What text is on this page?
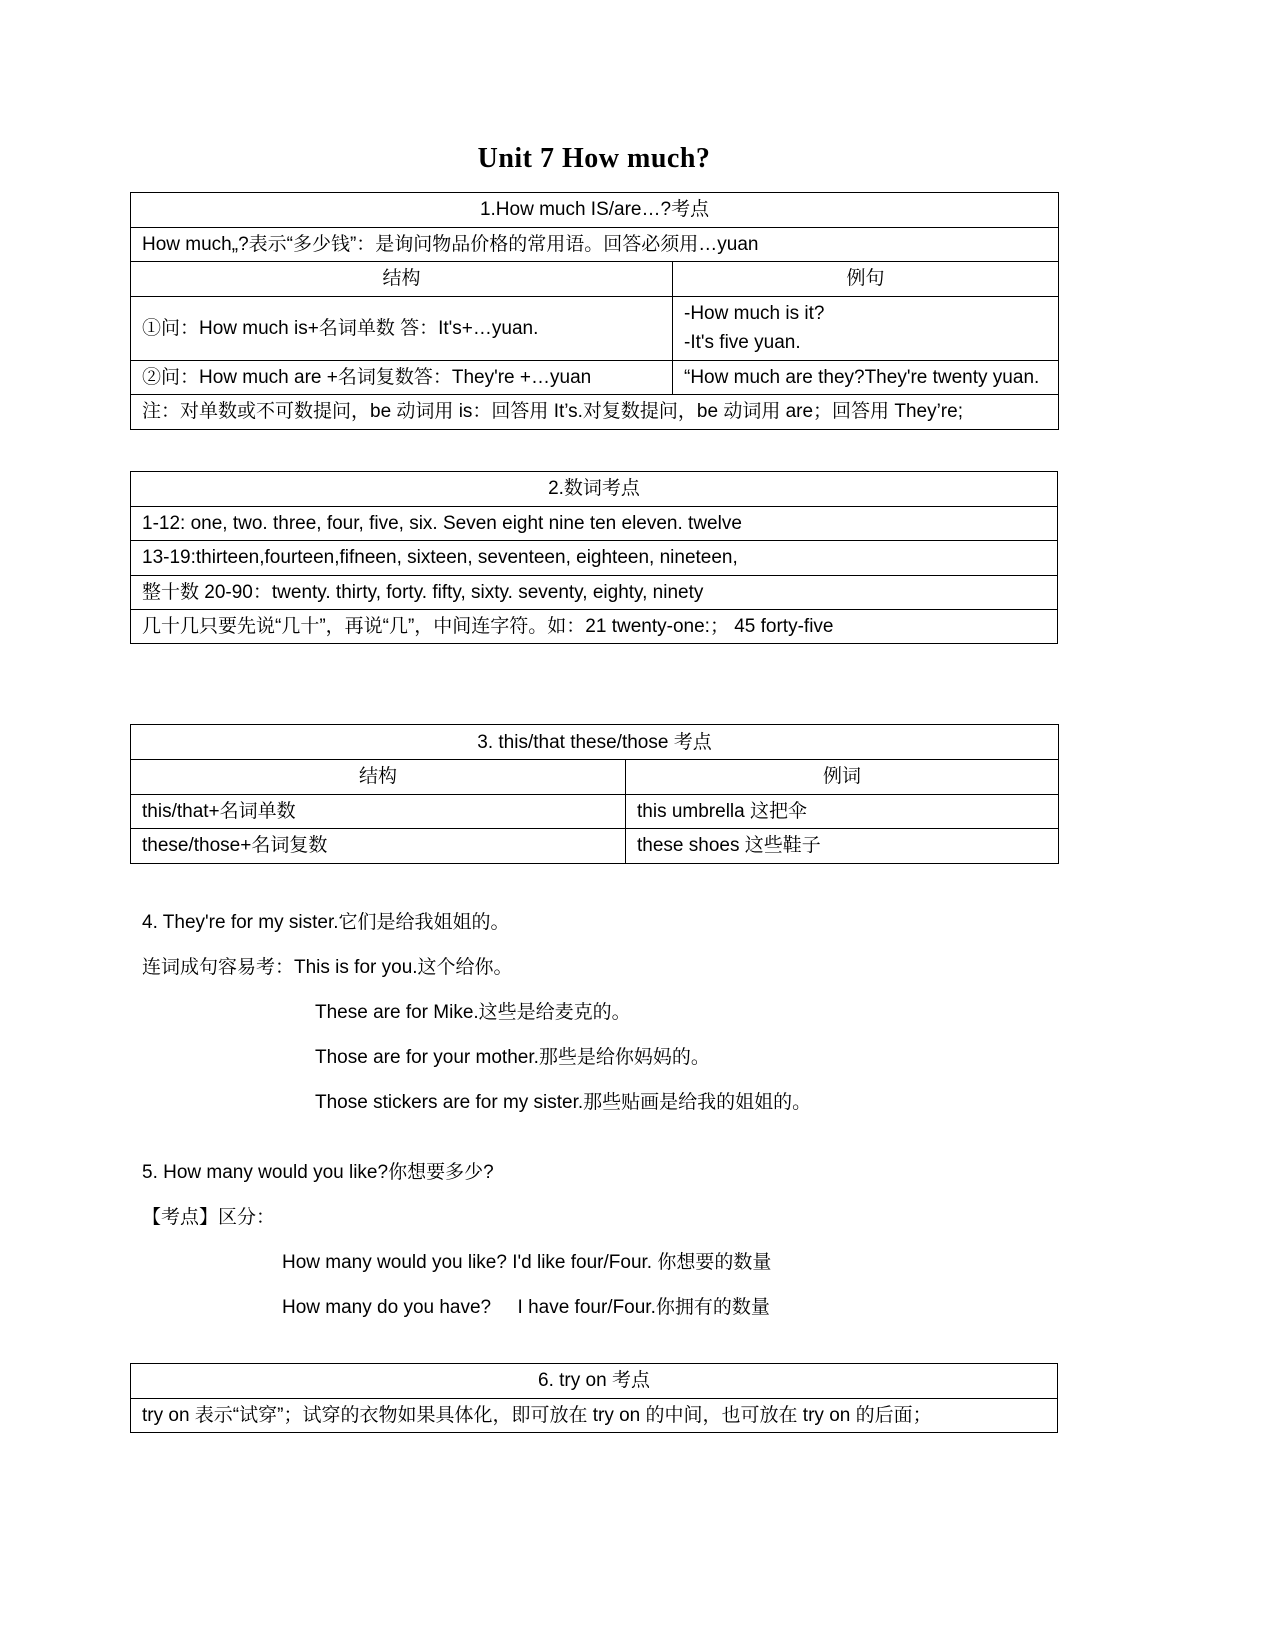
Unit 7 How much?
1.How much IS/are…?考点	
How much„?表示“多少钱”：是询问物品价格的常用语。回答必须用…yuan	
结构	例句
①问：How much is+名词单数 答：It's+…yuan.	-How much is it?
-It's five yuan.

②问：How much are +名词复数答：They're +…yuan	“How much are they?They're twenty yuan.
注：对单数或不可数提问，be 动词用 is：回答用 It’s.对复数提问，be 动词用 are；回答用 They’re;	
2.数词考点
1-12: one, two. three, four, five, six. Seven eight nine ten eleven. twelve
13-19:thirteen,fourteen,fifneen, sixteen, seventeen, eighteen, nineteen,
整十数 20-90：twenty. thirty, forty. fifty, sixty. seventy, eighty, ninety
几十几只要先说“几十”，再说“几”，中间连字符。如：21 twenty-one:； 45 forty-five
3. this/that these/those 考点	
结构	例词
this/that+名词单数	this umbrella 这把伞
these/those+名词复数	these shoes 这些鞋子
4. They're for my sister.它们是给我姐姐的。
连词成句容易考：This is for you.这个给你。
These are for Mike.这些是给麦克的。
Those are for your mother.那些是给你妈妈的。
Those stickers are for my sister.那些贴画是给我的姐姐的。
5. How many would you like?你想要多少?
【考点】区分：
How many would you like? I'd like four/Four. 你想要的数量
How many do you have?     I have four/Four.你拥有的数量
6. try on 考点
try on 表示“试穿”；试穿的衣物如果具体化，即可放在 try on 的中间，也可放在 try on 的后面；
